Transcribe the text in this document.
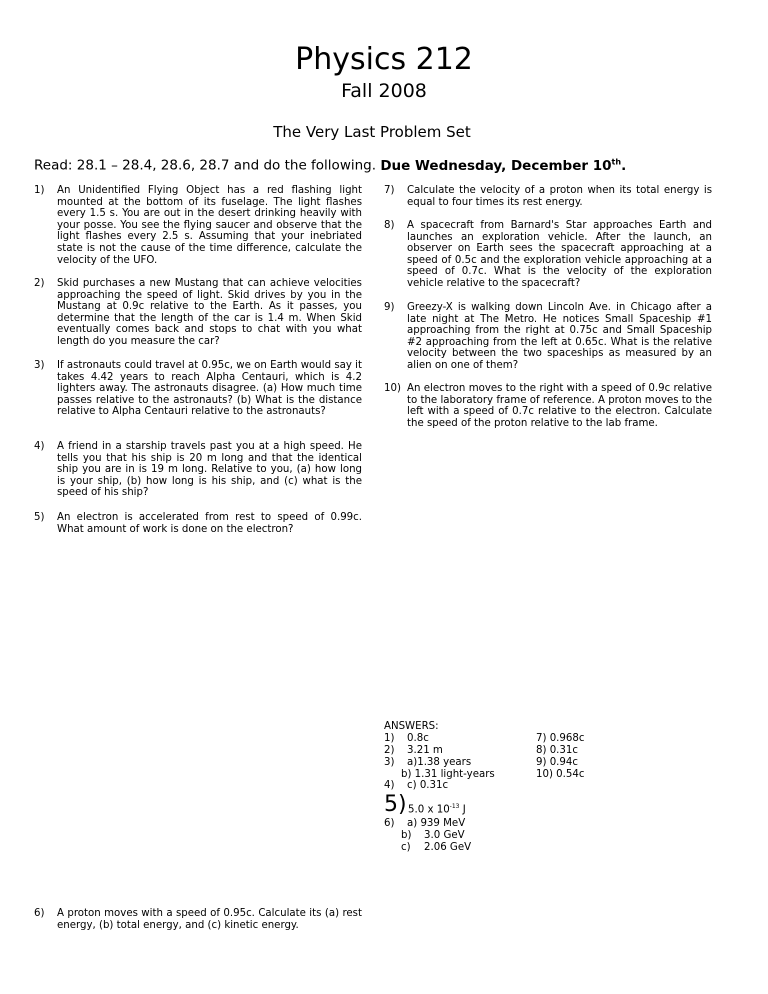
Physics 212
Fall 2008
The Very Last Problem Set
Read: 28.1 – 28.4, 28.6, 28.7 and do the following. Due Wednesday, December 10th.
1) An Unidentified Flying Object has a red flashing light mounted at the bottom of its fuselage. The light flashes every 1.5 s. You are out in the desert drinking heavily with your posse. You see the flying saucer and observe that the light flashes every 2.5 s. Assuming that your inebriated state is not the cause of the time difference, calculate the velocity of the UFO.
2) Skid purchases a new Mustang that can achieve velocities approaching the speed of light. Skid drives by you in the Mustang at 0.9c relative to the Earth. As it passes, you determine that the length of the car is 1.4 m. When Skid eventually comes back and stops to chat with you what length do you measure the car?
3) If astronauts could travel at 0.95c, we on Earth would say it takes 4.42 years to reach Alpha Centauri, which is 4.2 lighters away. The astronauts disagree. (a) How much time passes relative to the astronauts? (b) What is the distance relative to Alpha Centauri relative to the astronauts?
4) A friend in a starship travels past you at a high speed. He tells you that his ship is 20 m long and that the identical ship you are in is 19 m long. Relative to you, (a) how long is your ship, (b) how long is his ship, and (c) what is the speed of his ship?
5) An electron is accelerated from rest to speed of 0.99c. What amount of work is done on the electron?
6) A proton moves with a speed of 0.95c. Calculate its (a) rest energy, (b) total energy, and (c) kinetic energy.
7) Calculate the velocity of a proton when its total energy is equal to four times its rest energy.
8) A spacecraft from Barnard's Star approaches Earth and launches an exploration vehicle. After the launch, an observer on Earth sees the spacecraft approaching at a speed of 0.5c and the exploration vehicle approaching at a speed of 0.7c. What is the velocity of the exploration vehicle relative to the spacecraft?
9) Greezy-X is walking down Lincoln Ave. in Chicago after a late night at The Metro. He notices Small Spaceship #1 approaching from the right at 0.75c and Small Spaceship #2 approaching from the left at 0.65c. What is the relative velocity between the two spaceships as measured by an alien on one of them?
10) An electron moves to the right with a speed of 0.9c relative to the laboratory frame of reference. A proton moves to the left with a speed of 0.7c relative to the electron. Calculate the speed of the proton relative to the lab frame.
ANSWERS:
1) 0.8c	7) 0.968c
2) 3.21 m	8) 0.31c
3) a)1.38 years	9) 0.94c
b) 1.31 light-years	10) 0.54c
4) c) 0.31c
5) 5.0 x $10^{-13}$ J
6) a) 939 MeV
b) 3.0 GeV
c) 2.06 GeV
